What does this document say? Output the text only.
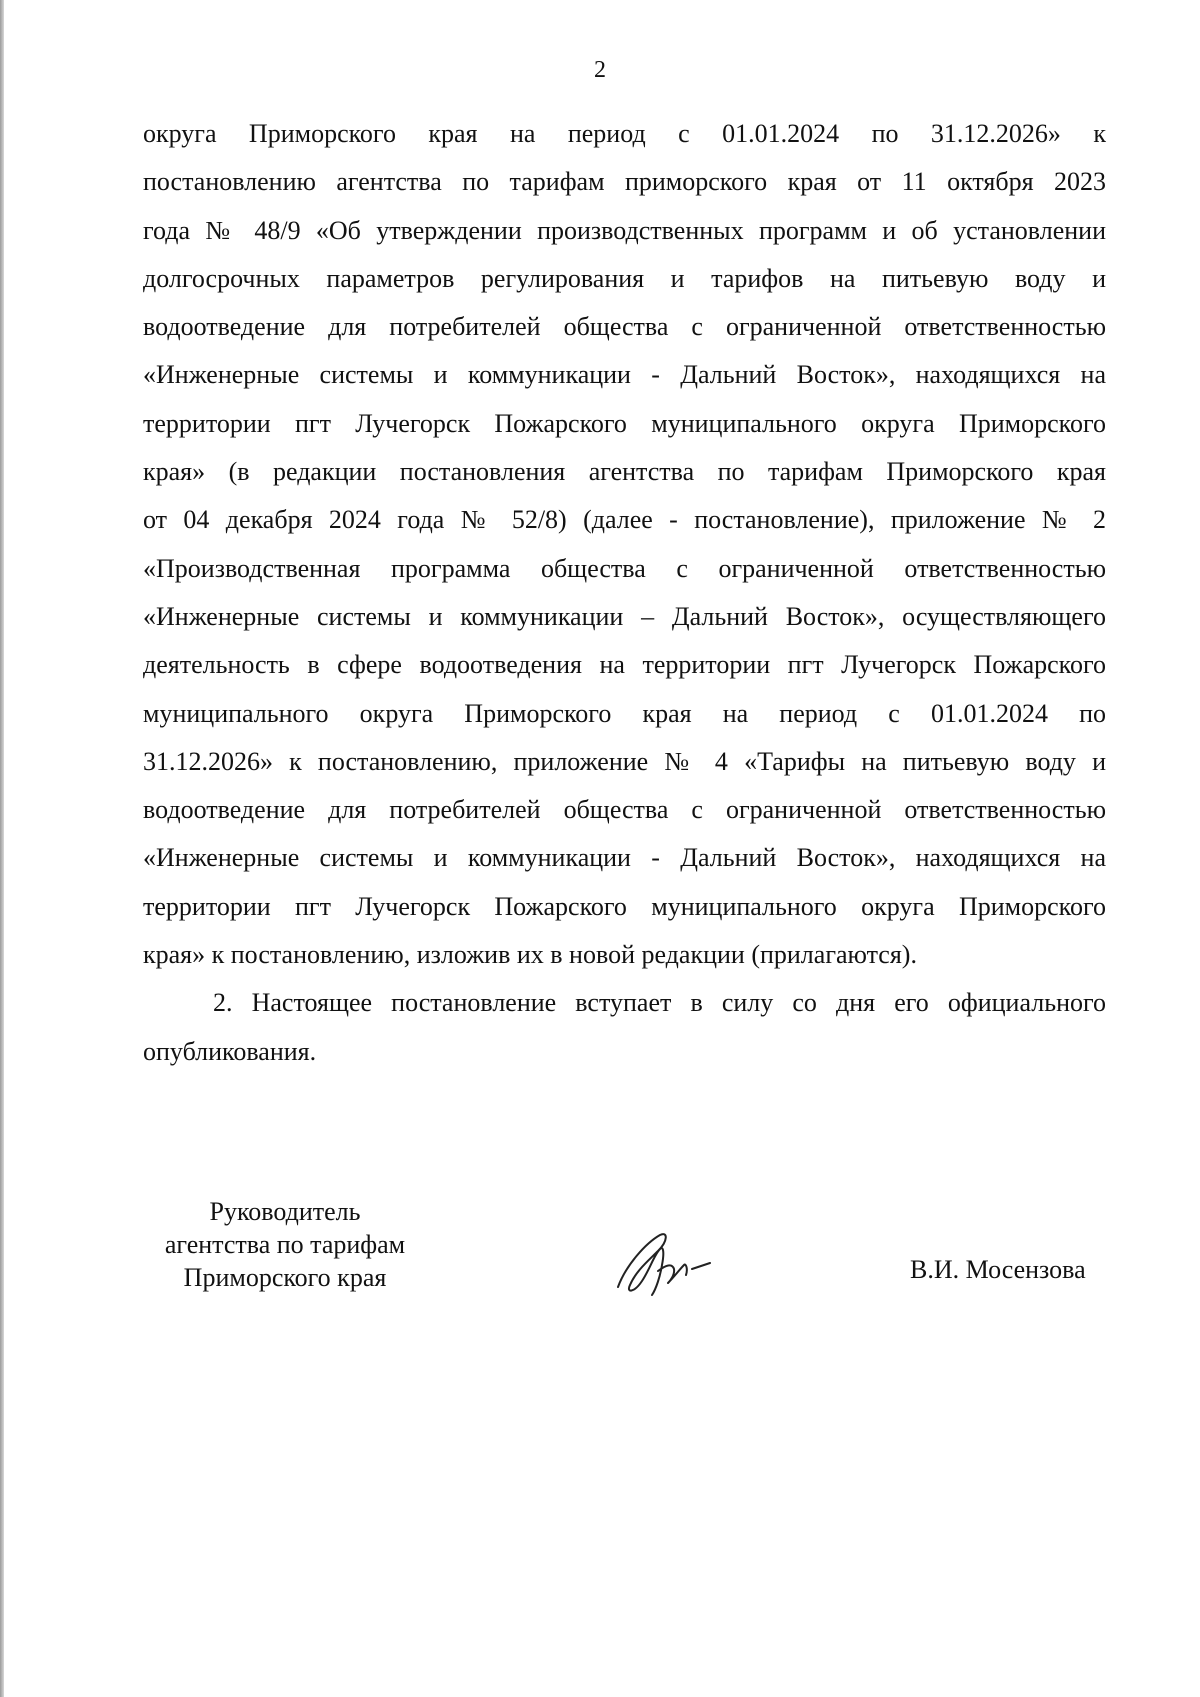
2
округа Приморского края на период с 01.01.2024 по 31.12.2026» к
постановлению агентства по тарифам приморского края от 11 октября 2023
года № 48/9 «Об утверждении производственных программ и об установлении
долгосрочных параметров регулирования и тарифов на питьевую воду и
водоотведение для потребителей общества с ограниченной ответственностью
«Инженерные системы и коммуникации - Дальний Восток», находящихся на
территории пгт Лучегорск Пожарского муниципального округа Приморского
края» (в редакции постановления агентства по тарифам Приморского края
от 04 декабря 2024 года № 52/8) (далее - постановление), приложение № 2
«Производственная программа общества с ограниченной ответственностью
«Инженерные системы и коммуникации – Дальний Восток», осуществляющего
деятельность в сфере водоотведения на территории пгт Лучегорск Пожарского
муниципального округа Приморского края на период с 01.01.2024 по
31.12.2026» к постановлению, приложение № 4 «Тарифы на питьевую воду и
водоотведение для потребителей общества с ограниченной ответственностью
«Инженерные системы и коммуникации - Дальний Восток», находящихся на
территории пгт Лучегорск Пожарского муниципального округа Приморского
края» к постановлению, изложив их в новой редакции (прилагаются).
2. Настоящее постановление вступает в силу со дня его официального
опубликования.
Руководитель
агентства по тарифам
Приморского края	В.И. Мосензова
